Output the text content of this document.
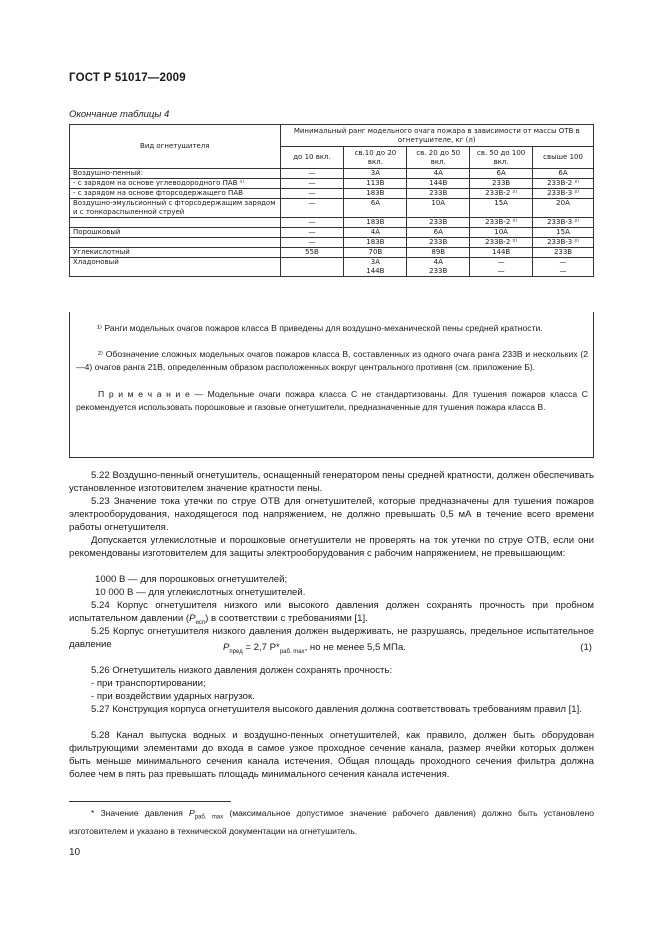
ГОСТ Р 51017—2009
Окончание таблицы 4
Вид огнетушителя	Минимальный ранг модельного очага пожара в зависимости от массы ОТВ в огнетушителе, кг (л)				
	до 10 вкл.	св.10 до 20 вкл.	св. 20 до 50 вкл.	св. 50 до 100 вкл.	свыше 100
Воздушно-пенный:	—	3А	4А	6А	6А
- с зарядом на основе углеводородного ПАВ ¹⁾	—	113В	144В	233В	233В-2 ²⁾
- с зарядом на основе фторсодержащего ПАВ	—	183В	233В	233В-2 ²⁾	233В-3 ²⁾
Воздушно-эмульсионный с фторсодержащим зарядом и с тонкораспыленной струей	—	6А	10А	15А	20А
	—	183В	233В	233В-2 ²⁾	233В-3 ²⁾
Порошковый	—	4А	6А	10А	15А
	—	183В	233В	233В-2 ²⁾	233В-3 ²⁾
Углекислотный	55В	70В	89В	144В	233В
Хладоновый		3А	4А	—	—
		144В	233В	—	—
¹⁾ Ранги модельных очагов пожаров класса В приведены для воздушно-механической пены средней кратности.
²⁾ Обозначение сложных модельных очагов пожаров класса В, составленных из одного очага ранга 233В и нескольких (2—4) очагов ранга 21В, определенным образом расположенных вокруг центрального противня (см. приложение Б).
П р и м е ч а н и е — Модельные очаги пожара класса С не стандартизованы. Для тушения пожаров класса С рекомендуется использовать порошковые и газовые огнетушители, предназначенные для тушения пожара класса В.
5.22 Воздушно-пенный огнетушитель, оснащенный генератором пены средней кратности, должен обеспечивать установленное изготовителем значение кратности пены.
5.23 Значение тока утечки по струе ОТВ для огнетушителей, которые предназначены для тушения пожаров электрооборудования, находящегося под напряжением, не должно превышать 0,5 мА в течение всего времени работы огнетушителя.
Допускается углекислотные и порошковые огнетушители не проверять на ток утечки по струе ОТВ, если они рекомендованы изготовителем для защиты электрооборудования с рабочим напряжением, не превышающим:
1000 В — для порошковых огнетушителей;
10 000 В — для углекислотных огнетушителей.
5.24 Корпус огнетушителя низкого или высокого давления должен сохранять прочность при пробном испытательном давлении $(P_{исп})$ в соответствии с требованиями [1].
5.25 Корпус огнетушителя низкого давления должен выдерживать, не разрушаясь, предельное испытательное давление	$P_{пред} = 2,7$ $P*_{раб. max}$, но не менее 5,5 МПа.	(1)
5.26 Огнетушитель низкого давления должен сохранять прочность:
- при транспортировании;
- при воздействии ударных нагрузок.
5.27 Конструкция корпуса огнетушителя высокого давления должна соответствовать требованиям правил [1].
5.28 Канал выпуска водных и воздушно-пенных огнетушителей, как правило, должен быть оборудован фильтрующими элементами до входа в самое узкое проходное сечение канала, размер ячейки которых должен быть меньше минимального сечения канала истечения. Общая площадь проходного сечения фильтра должна более чем в пять раз превышать площадь минимального сечения канала истечения.
* Значение давления $P_{раб. max}$ (максимальное допустимое значение рабочего давления) должно быть установлено изготовителем и указано в технической документации на огнетушитель.
10
